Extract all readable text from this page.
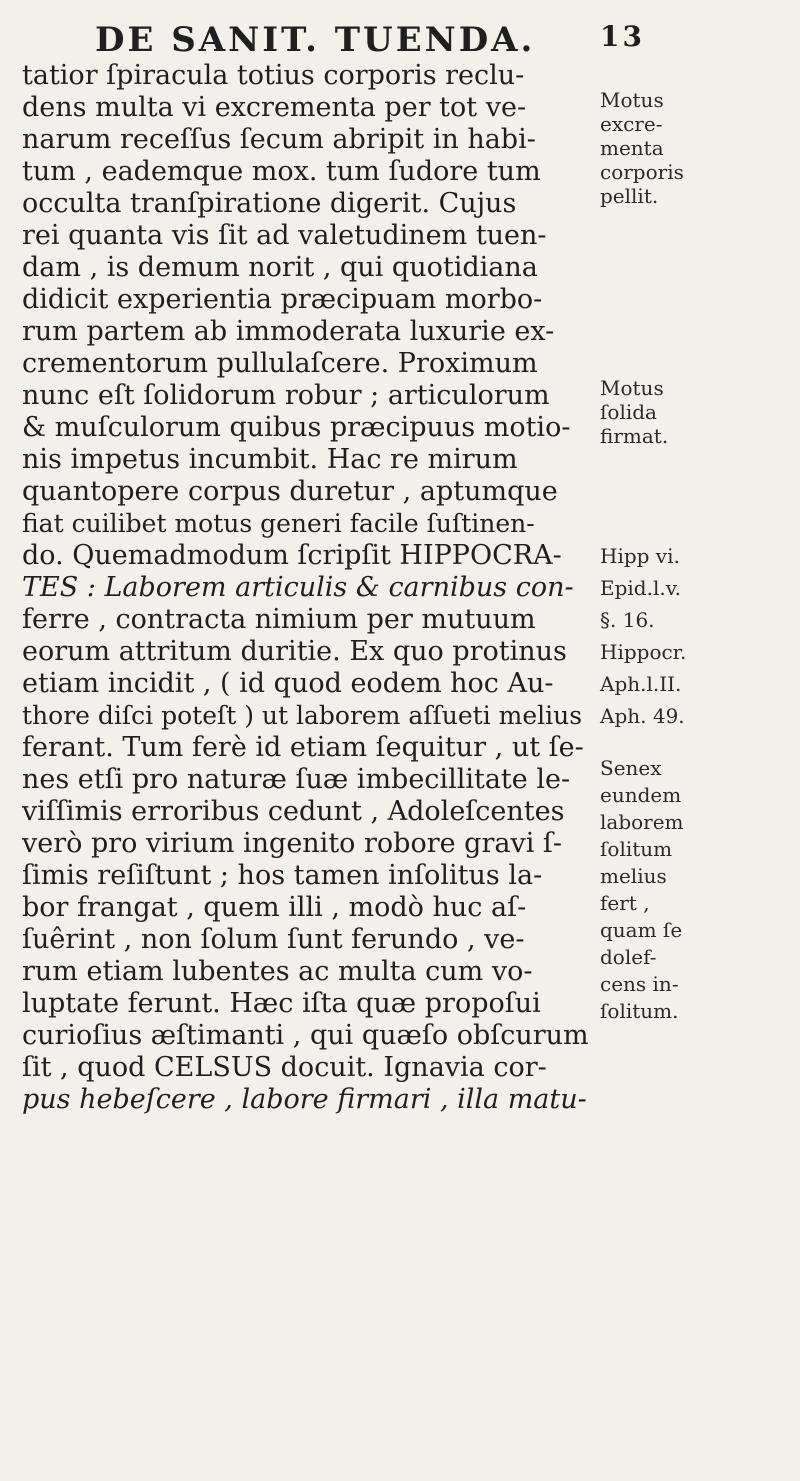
DE SANIT. TUENDA. 13
tatior ſpiracula totius corporis reclu-
dens multa vi excrementa per tot ve-
narum receſſus ſecum abripit in habi-
tum , eademque mox. tum ſudore tum
occulta tranſpiratione digerit. Cujus
rei quanta vis ſit ad valetudinem tuen-
dam , is demum norit , qui quotidiana
didicit experientia præcipuam morbo-
rum partem ab immoderata luxurie ex-
crementorum pullulaſcere. Proximum
nunc eſt ſolidorum robur ; articulorum
& muſculorum quibus præcipuus motio-
nis impetus incumbit. Hac re mirum
quantopere corpus duretur , aptumque
fiat cuilibet motus generi facile ſuſtinen-
do. Quemadmodum ſcripſit HIPPOCRA-
TES : Laborem articulis & carnibus con-
ferre , contracta nimium per mutuum
eorum attritum duritie. Ex quo protinus
etiam incidit , ( id quod eodem hoc Au-
thore diſci poteſt ) ut laborem aſſueti melius
ferant. Tum ferè id etiam ſequitur , ut ſe-
nes etſi pro naturæ ſuæ imbecillitate le-
viſſimis erroribus cedunt , Adoleſcentes
verò pro virium ingenito robore gravi ſ-
ſimis reſiſtunt ; hos tamen inſolitus la-
bor frangat , quem illi , modò huc aſ-
ſuêrint , non ſolum ſunt ferundo , ve-
rum etiam lubentes ac multa cum vo-
luptate ferunt. Hæc iſta quæ propoſui
curioſius æſtimanti , qui quæſo obſcurum
ſit , quod CELSUS docuit. Ignavia cor-
pus hebeſcere , labore firmari , illa matu-
Motus
excre-
menta
corporis
pellit.
Motus
ſolida
firmat.
Hipp vi.
Epid.l.v.
§. 16.
Hippocr.
Aph.l.II.
Aph. 49.
Senex
eundem
laborem
ſolitum
melius
fert ,
quam ſe
dolef-
cens in-
ſolitum.
